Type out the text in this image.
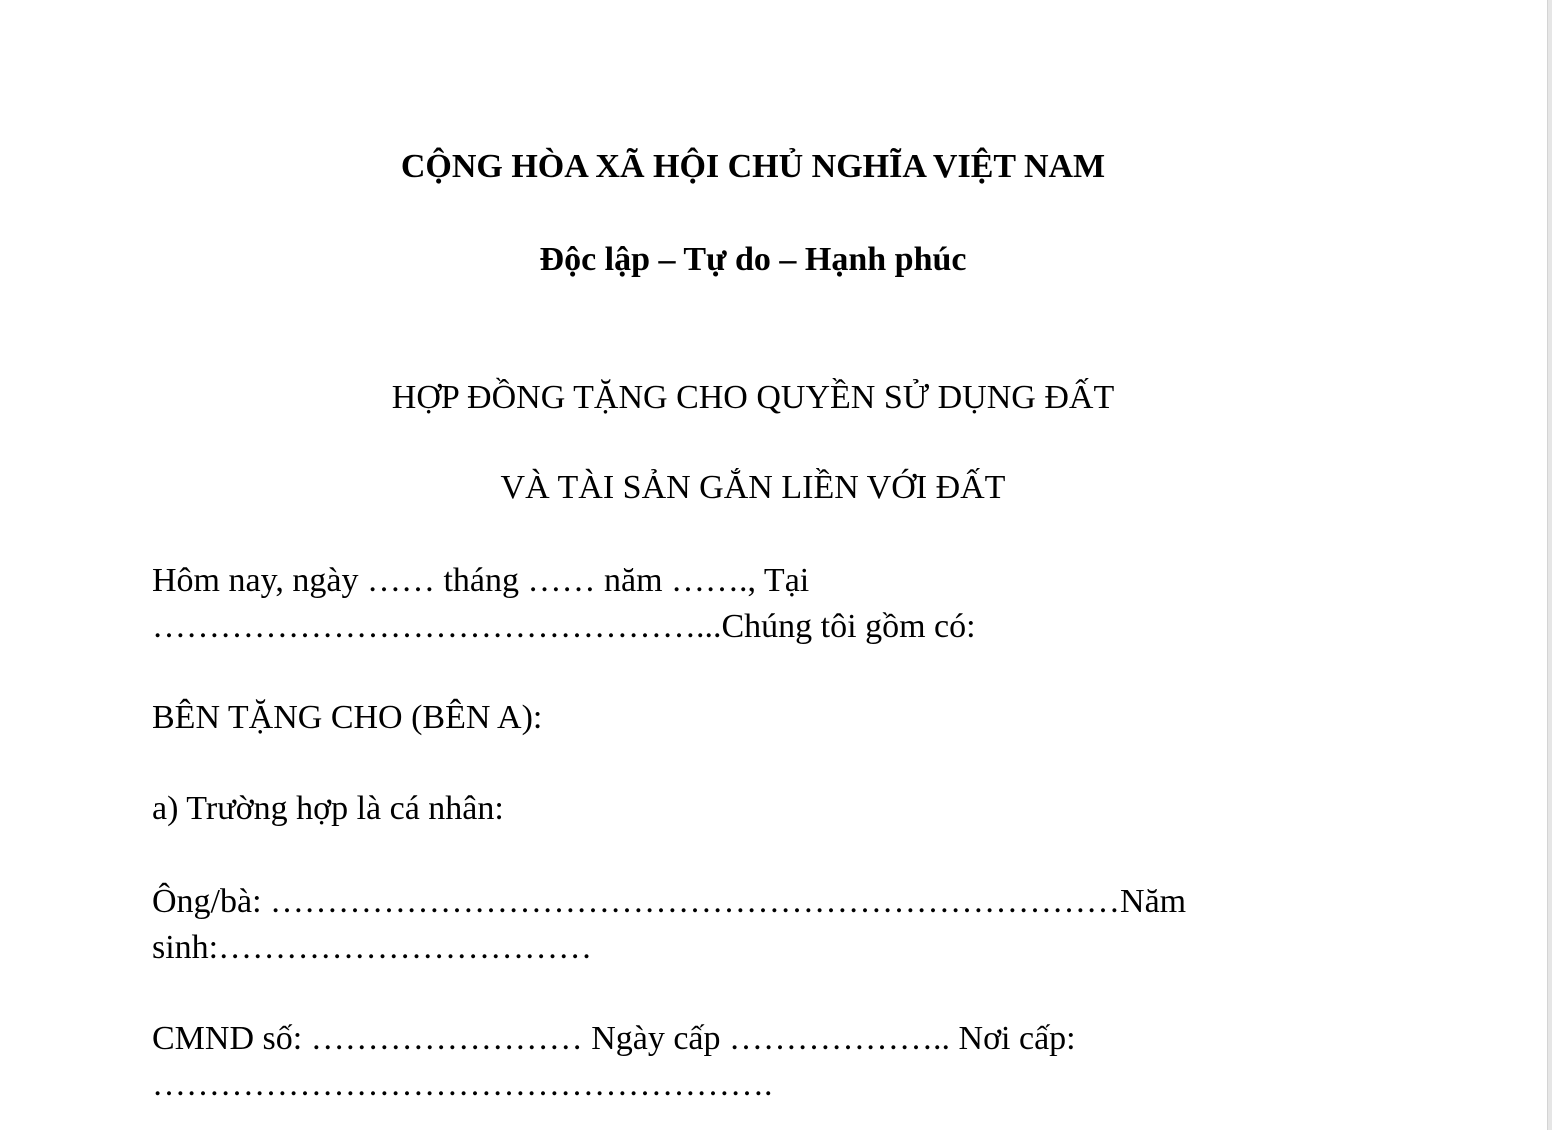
CỘNG HÒA XÃ HỘI CHỦ NGHĨA VIỆT NAM
Độc lập – Tự do – Hạnh phúc
HỢP ĐỒNG TẶNG CHO QUYỀN SỬ DỤNG ĐẤT
VÀ TÀI SẢN GẮN LIỀN VỚI ĐẤT
Hôm nay, ngày …… tháng …… năm ……., Tại
…………………………………………...Chúng tôi gồm có:
BÊN TẶNG CHO (BÊN A):
a) Trường hợp là cá nhân:
Ông/bà: …………………………………………………………………Năm
sinh:……………………………
CMND số: …………………… Ngày cấp ……………….. Nơi cấp:
……………………………………………….
